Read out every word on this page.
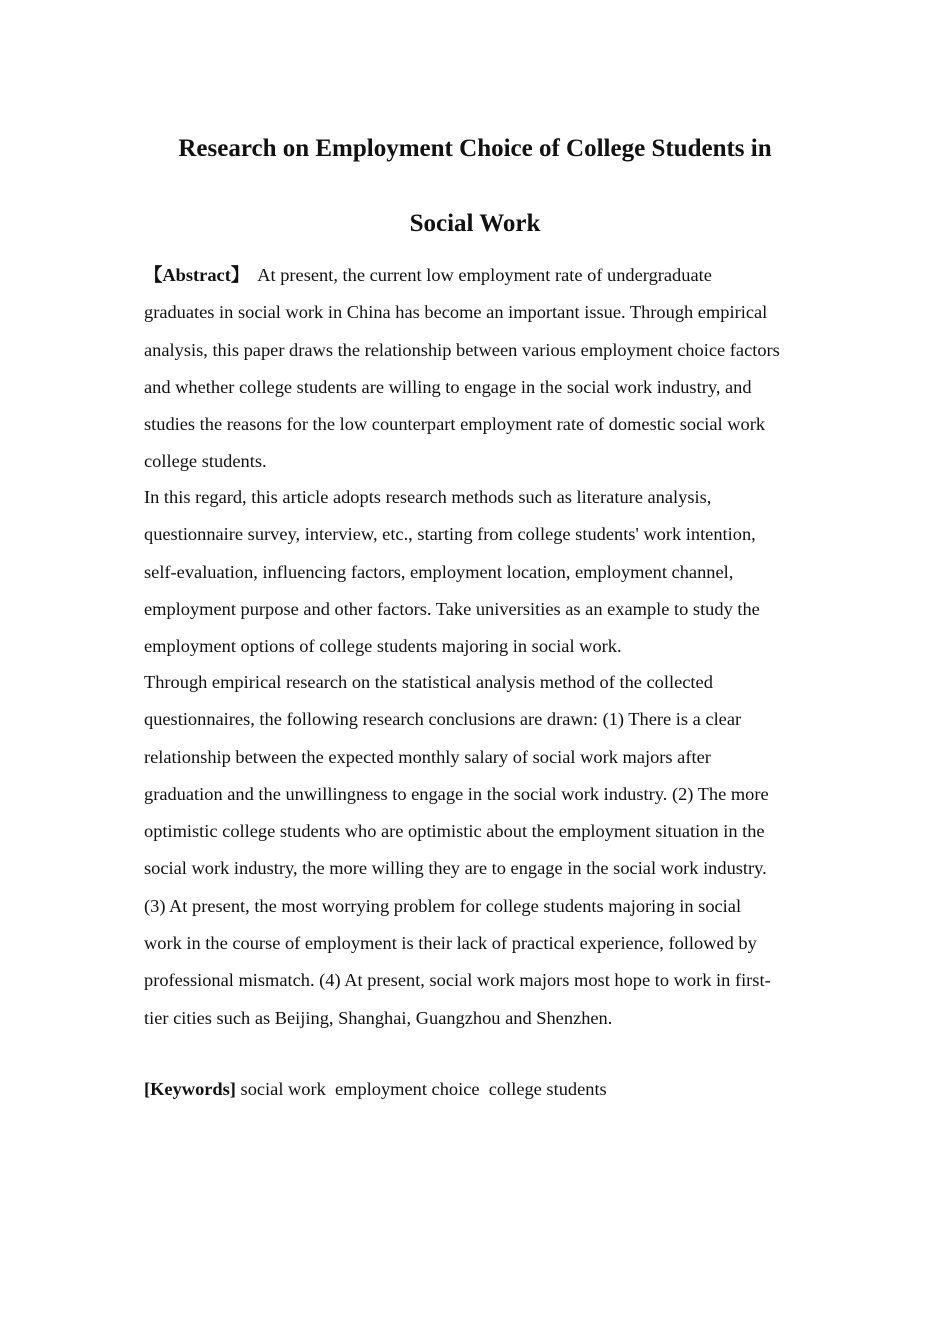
Research on Employment Choice of College Students in
Social Work
【Abstract】 At present, the current low employment rate of undergraduate
graduates in social work in China has become an important issue. Through empirical
analysis, this paper draws the relationship between various employment choice factors
and whether college students are willing to engage in the social work industry, and
studies the reasons for the low counterpart employment rate of domestic social work
college students.
In this regard, this article adopts research methods such as literature analysis,
questionnaire survey, interview, etc., starting from college students' work intention,
self-evaluation, influencing factors, employment location, employment channel,
employment purpose and other factors. Take universities as an example to study the
employment options of college students majoring in social work.
Through empirical research on the statistical analysis method of the collected
questionnaires, the following research conclusions are drawn: (1) There is a clear
relationship between the expected monthly salary of social work majors after
graduation and the unwillingness to engage in the social work industry. (2) The more
optimistic college students who are optimistic about the employment situation in the
social work industry, the more willing they are to engage in the social work industry.
(3) At present, the most worrying problem for college students majoring in social
work in the course of employment is their lack of practical experience, followed by
professional mismatch. (4) At present, social work majors most hope to work in first-
tier cities such as Beijing, Shanghai, Guangzhou and Shenzhen.

[Keywords] social work  employment choice  college students
